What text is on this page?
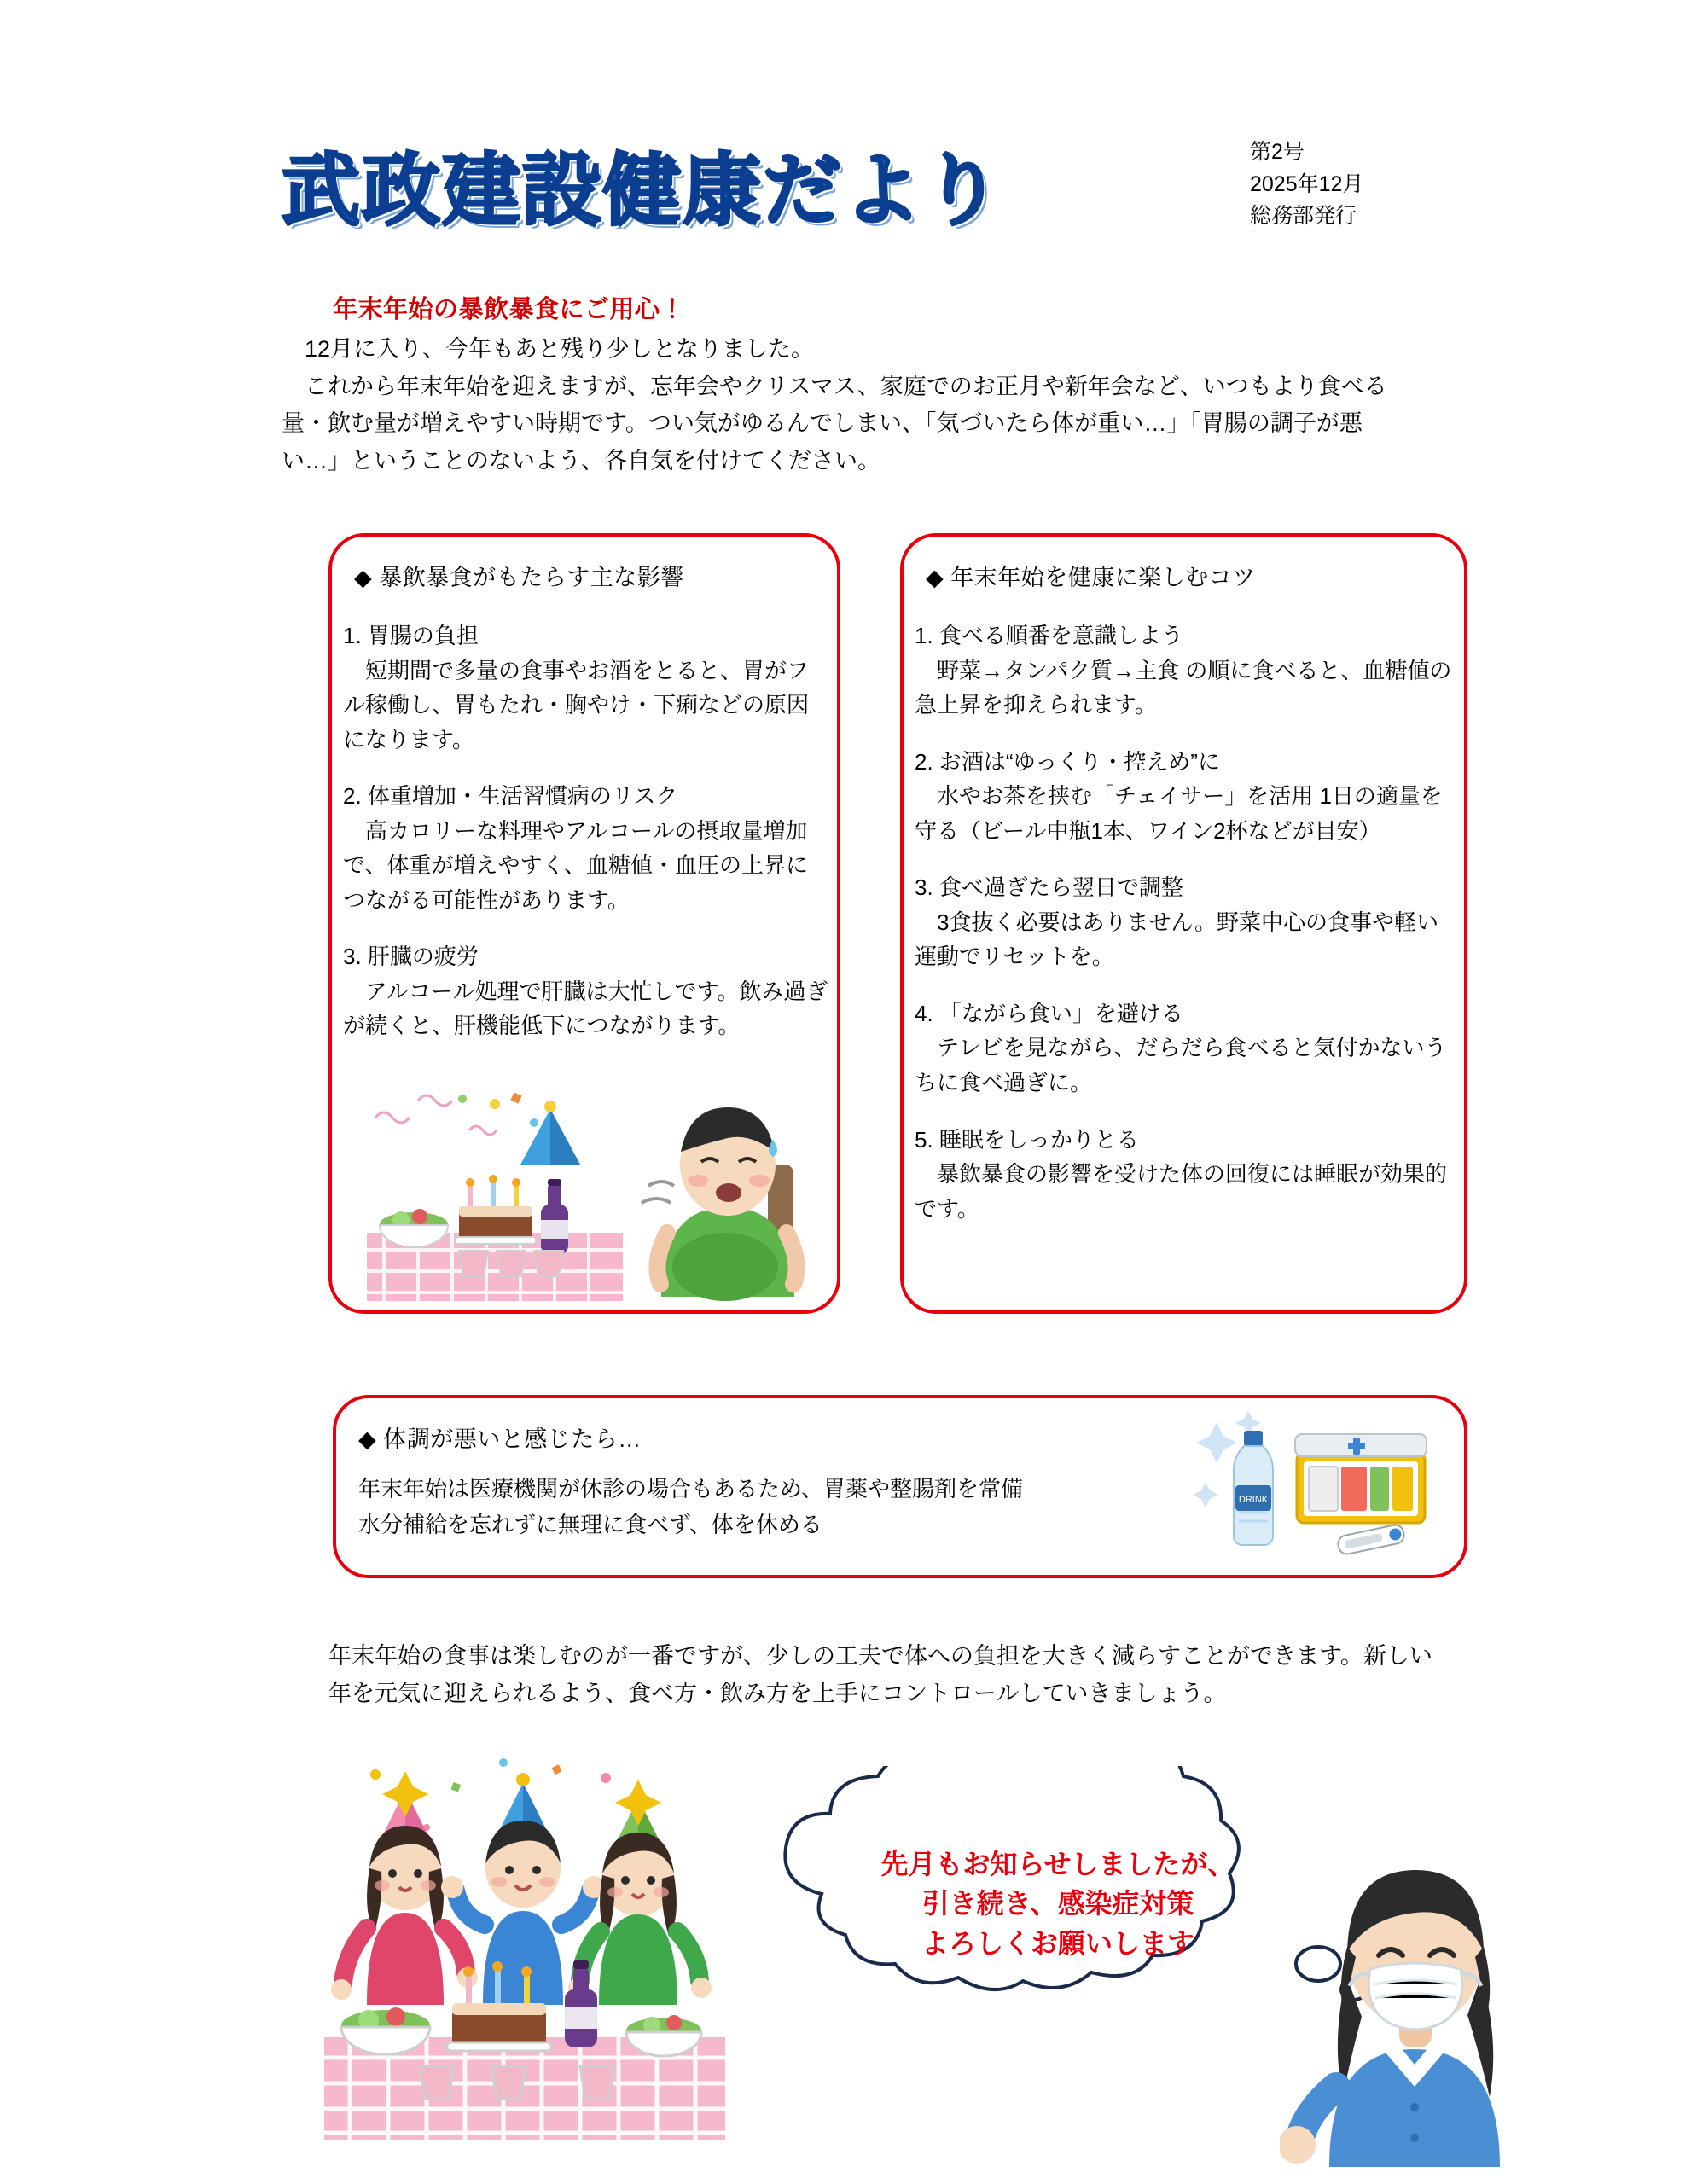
武政建設健康だより	第2号
2025年12月
総務部発行
年末年始の暴飲暴食にご用心！

12月に入り、今年もあと残り少しとなりました。

これから年末年始を迎えますが、忘年会やクリスマス、家庭でのお正月や新年会など、いつもより食べる量・飲む量が増えやすい時期です。つい気がゆるんでしまい、「気づいたら体が重い…」「胃腸の調子が悪い…」ということのないよう、各自気を付けてください。

◆ 暴飲暴食がもたらす主な影響
1. 胃腸の負担
短期間で多量の食事やお酒をとると、胃がフル稼働し、胃もたれ・胸やけ・下痢などの原因になります。
2. 体重増加・生活習慣病のリスク
高カロリーな料理やアルコールの摂取量増加で、体重が増えやすく、血糖値・血圧の上昇につながる可能性があります。
3. 肝臓の疲労
アルコール処理で肝臓は大忙しです。飲み過ぎが続くと、肝機能低下につながります。
◆ 年末年始を健康に楽しむコツ
1. 食べる順番を意識しよう
野菜→タンパク質→主食 の順に食べると、血糖値の急上昇を抑えられます。
2. お酒は“ゆっくり・控えめ”に
水やお茶を挟む「チェイサー」を活用 1日の適量を守る（ビール中瓶1本、ワイン2杯などが目安）
3. 食べ過ぎたら翌日で調整
3食抜く必要はありません。野菜中心の食事や軽い運動でリセットを。
4. 「ながら食い」を避ける
テレビを見ながら、だらだら食べると気付かないうちに食べ過ぎに。
5. 睡眠をしっかりとる
暴飲暴食の影響を受けた体の回復には睡眠が効果的です。
◆ 体調が悪いと感じたら…

年末年始は医療機関が休診の場合もあるため、胃薬や整腸剤を常備

水分補給を忘れずに無理に食べず、体を休める

DRINK

年末年始の食事は楽しむのが一番ですが、少しの工夫で体への負担を大きく減らすことができます。新しい年を元気に迎えられるよう、食べ方・飲み方を上手にコントロールしていきましょう。

先月もお知らせしましたが、
引き続き、感染症対策
よろしくお願いします
